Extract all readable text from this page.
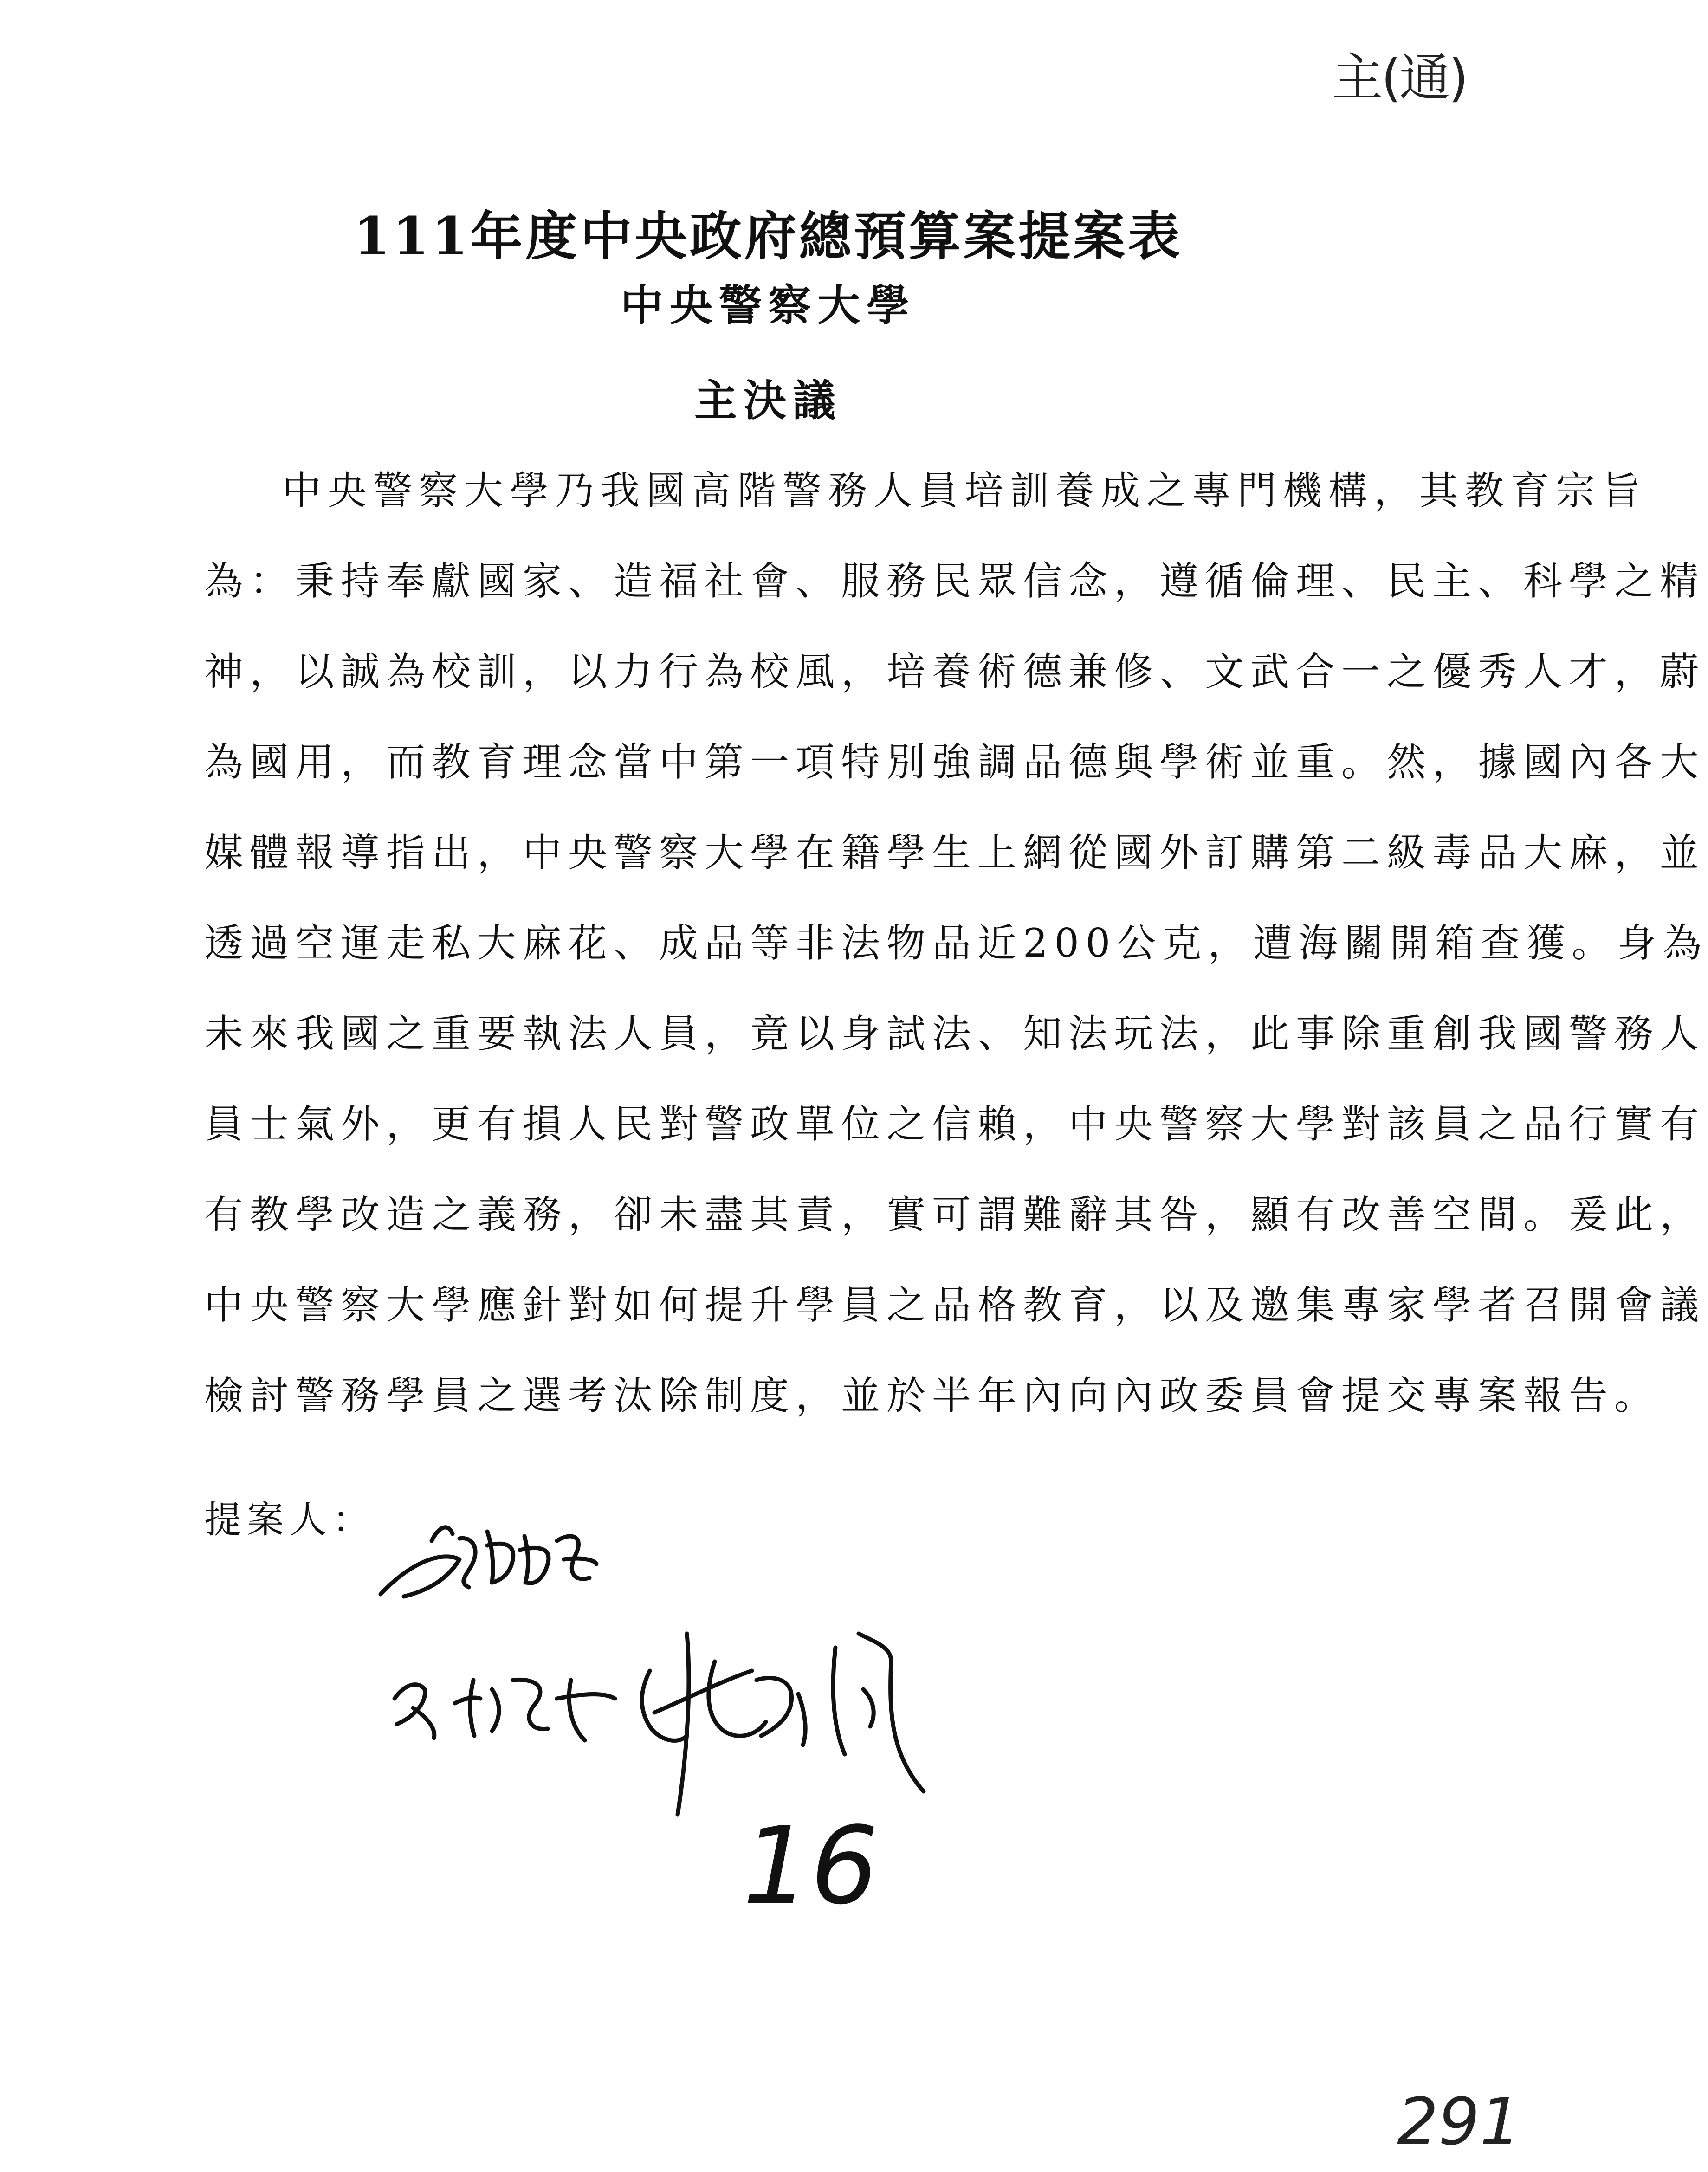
主(通)
111年度中央政府總預算案提案表
中央警察大學
主決議
中央警察大學乃我國高階警務人員培訓養成之專門機構，其教育宗旨
為：秉持奉獻國家、造福社會、服務民眾信念，遵循倫理、民主、科學之精
神，以誠為校訓，以力行為校風，培養術德兼修、文武合一之優秀人才，蔚
為國用，而教育理念當中第一項特別強調品德與學術並重。然，據國內各大
媒體報導指出，中央警察大學在籍學生上網從國外訂購第二級毒品大麻，並
透過空運走私大麻花、成品等非法物品近200公克，遭海關開箱查獲。身為
未來我國之重要執法人員，竟以身試法、知法玩法，此事除重創我國警務人
員士氣外，更有損人民對警政單位之信賴，中央警察大學對該員之品行實有
有教學改造之義務，卻未盡其責，實可謂難辭其咎，顯有改善空間。爰此，
中央警察大學應針對如何提升學員之品格教育，以及邀集專家學者召開會議
檢討警務學員之選考汰除制度，並於半年內向內政委員會提交專案報告。
提案人：
16
291
